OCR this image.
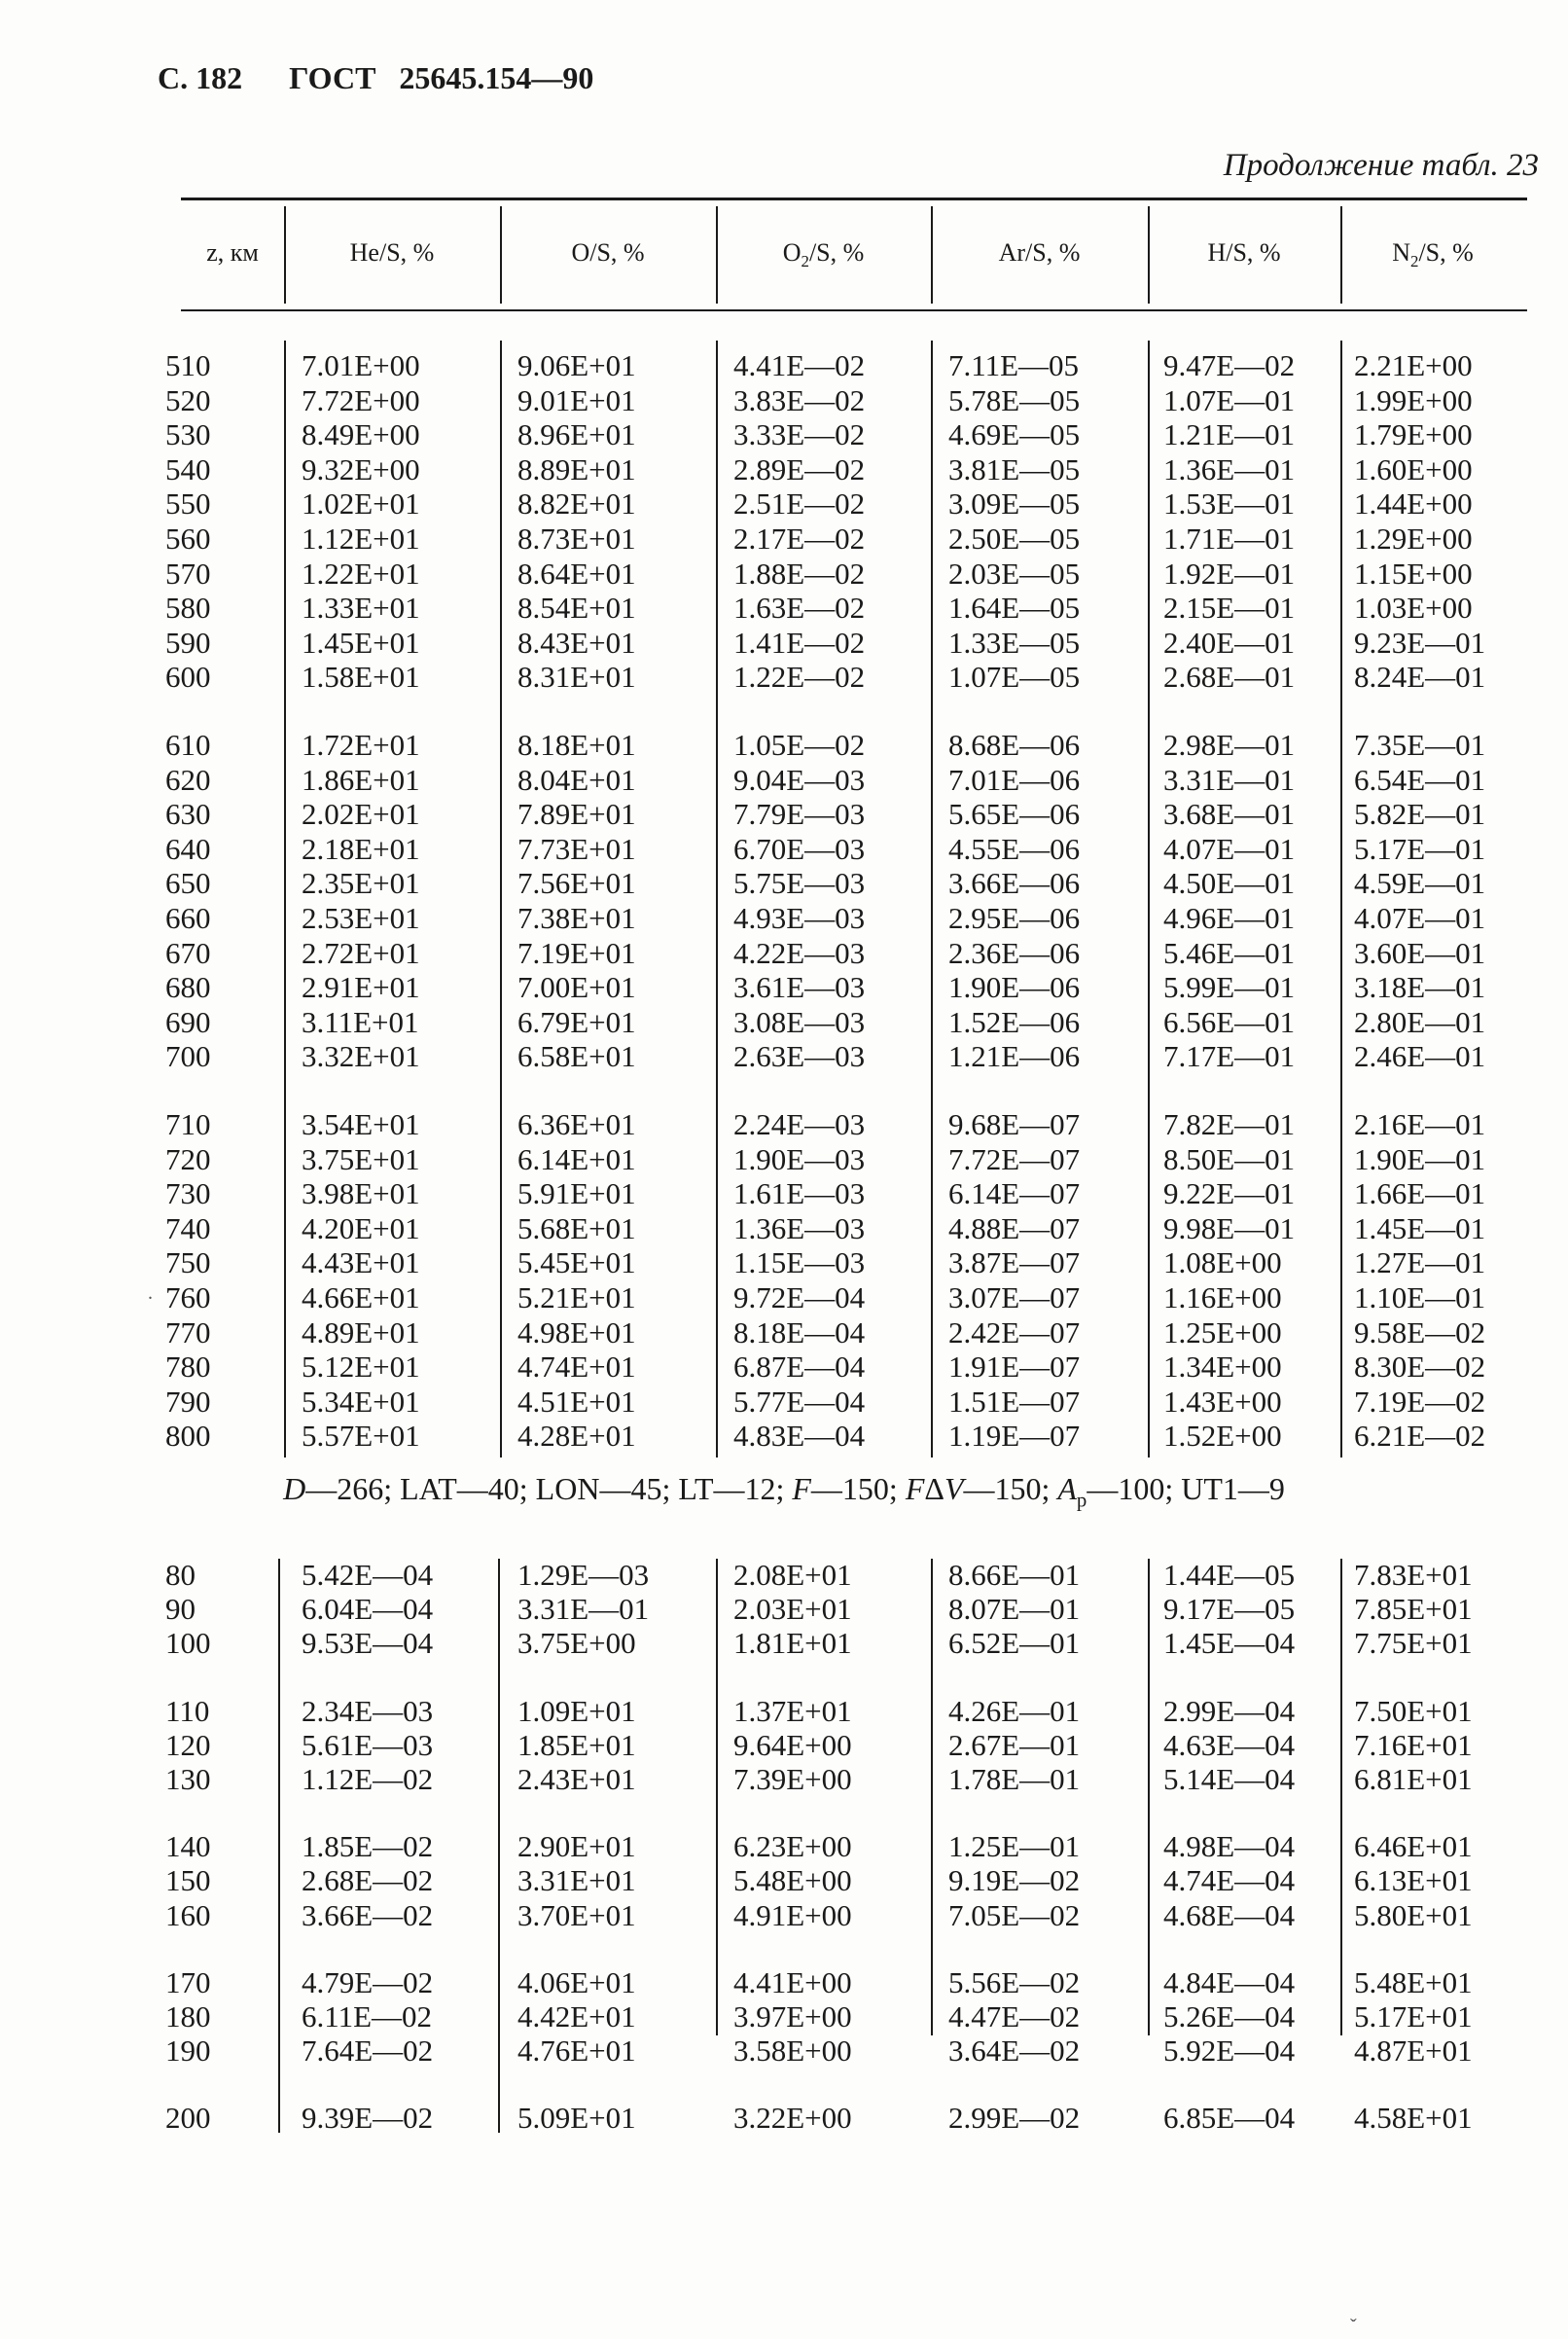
С. 182 ГОСТ 25645.154—90
Продолжение табл. 23
z, км	He/S, %	O/S, %	$O_2/S$, %	Ar/S, %	H/S, %	$N_2/S$, %
510	7.01E+00	9.06E+01	4.41E—02	7.11E—05	9.47E—02 2.21E+00
520	7.72E+00	9.01E+01	3.83E—02	5.78E—05	1.07E—01 1.99E+00
530	8.49E+00	8.96E+01	3.33E—02	4.69E—05	1.21E—01 1.79E+00
540	9.32E+00	8.89E+01	2.89E—02	3.81E—05	1.36E—01 1.60E+00
550	1.02E+01	8.82E+01	2.51E—02	3.09E—05	1.53E—01 1.44E+00
560	1.12E+01	8.73E+01	2.17E—02	2.50E—05	1.71E—01 1.29E+00
570	1.22E+01	8.64E+01	1.88E—02	2.03E—05	1.92E—01 1.15E+00
580	1.33E+01	8.54E+01	1.63E—02	1.64E—05	2.15E—01 1.03E+00
590	1.45E+01	8.43E+01	1.41E—02	1.33E—05	2.40E—01 9.23E—01
600	1.58E+01	8.31E+01	1.22E—02	1.07E—05	2.68E—01 8.24E—01
610	1.72E+01	8.18E+01	1.05E—02	8.68E—06	2.98E—01 7.35E—01
620	1.86E+01	8.04E+01	9.04E—03	7.01E—06	3.31E—01 6.54E—01
630	2.02E+01	7.89E+01	7.79E—03	5.65E—06	3.68E—01 5.82E—01
640	2.18E+01	7.73E+01	6.70E—03	4.55E—06	4.07E—01 5.17E—01
650	2.35E+01	7.56E+01	5.75E—03	3.66E—06	4.50E—01 4.59E—01
660	2.53E+01	7.38E+01	4.93E—03	2.95E—06	4.96E—01 4.07E—01
670	2.72E+01	7.19E+01	4.22E—03	2.36E—06	5.46E—01 3.60E—01
680	2.91E+01	7.00E+01	3.61E—03	1.90E—06	5.99E—01 3.18E—01
690	3.11E+01	6.79E+01	3.08E—03	1.52E—06	6.56E—01 2.80E—01
700	3.32E+01	6.58E+01	2.63E—03	1.21E—06	7.17E—01 2.46E—01
710	3.54E+01	6.36E+01	2.24E—03	9.68E—07	7.82E—01 2.16E—01
720	3.75E+01	6.14E+01	1.90E—03	7.72E—07	8.50E—01 1.90E—01
730	3.98E+01	5.91E+01	1.61E—03	6.14E—07	9.22E—01 1.66E—01
740	4.20E+01	5.68E+01	1.36E—03	4.88E—07	9.98E—01 1.45E—01
750	4.43E+01	5.45E+01	1.15E—03	3.87E—07	1.08E+00 1.27E—01
760	4.66E+01	5.21E+01	9.72E—04	3.07E—07	1.16E+00 1.10E—01
770	4.89E+01	4.98E+01	8.18E—04	2.42E—07	1.25E+00 9.58E—02
780	5.12E+01	4.74E+01	6.87E—04	1.91E—07	1.34E+00 8.30E—02
790	5.34E+01	4.51E+01	5.77E—04	1.51E—07	1.43E+00 7.19E—02
800	5.57E+01	4.28E+01	4.83E—04	1.19E—07	1.52E+00 6.21E—02
D—266; LAT—40; LON—45; LT—12; F—150; FΔV—150; $A_p—100$; UT1—9
80	5.42E—04	1.29E—03	2.08E+01	8.66E—01	1.44E—05 7.83E+01
90	6.04E—04	3.31E—01	2.03E+01	8.07E—01	9.17E—05 7.85E+01
100	9.53E—04	3.75E+00	1.81E+01	6.52E—01	1.45E—04 7.75E+01
110	2.34E—03	1.09E+01	1.37E+01	4.26E—01	2.99E—04 7.50E+01
120	5.61E—03	1.85E+01	9.64E+00	2.67E—01	4.63E—04 7.16E+01
130	1.12E—02	2.43E+01	7.39E+00	1.78E—01	5.14E—04 6.81E+01
140	1.85E—02	2.90E+01	6.23E+00	1.25E—01	4.98E—04 6.46E+01
150	2.68E—02	3.31E+01	5.48E+00	9.19E—02	4.74E—04 6.13E+01
160	3.66E—02	3.70E+01	4.91E+00	7.05E—02	4.68E—04 5.80E+01
170	4.79E—02	4.06E+01	4.41E+00	5.56E—02	4.84E—04 5.48E+01
180	6.11E—02	4.42E+01	3.97E+00	4.47E—02	5.26E—04 5.17E+01
190	7.64E—02	4.76E+01	3.58E+00	3.64E—02	5.92E—04 4.87E+01
200	9.39E—02	5.09E+01	3.22E+00	2.99E—02	6.85E—04 4.58E+01
.
ˇ
